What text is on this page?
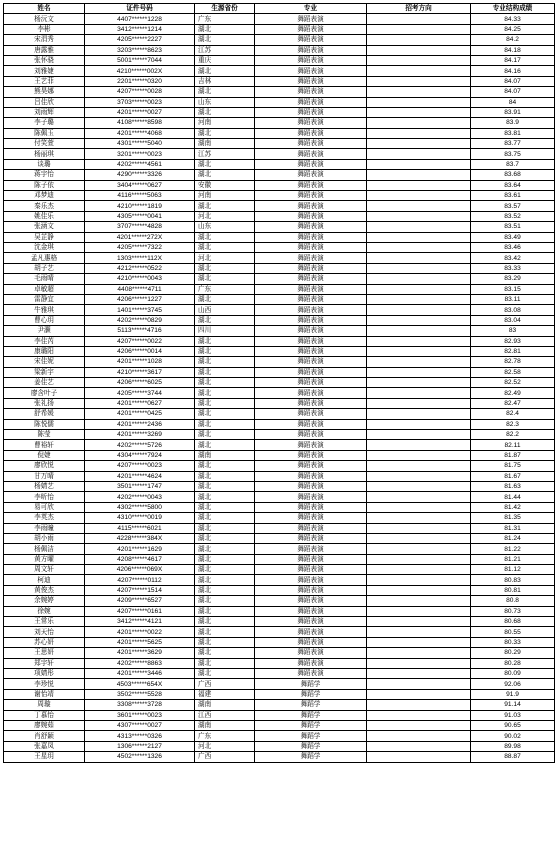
姓名	证件号码	生源省份	专业	招考方向	专业结构成绩
杨沅文	4407******1228	广东	舞蹈表演		84.33
李彬	3412******1214	湖北	舞蹈表演		84.25
宋涓秀	4205******2227	湖北	舞蹈表演		84.2
唐露雅	3203******8623	江苏	舞蹈表演		84.18
张怀骁	5001******7044	重庆	舞蹈表演		84.17
刘雅婕	4210******002X	湖北	舞蹈表演		84.16
王艺菲	2201******0320	吉林	舞蹈表演		84.07
熊昊娜	4207******0028	湖北	舞蹈表演		84.07
吕佳欣	3703******0023	山东	舞蹈表演		84
刘雨辉	4201******0027	湖北	舞蹈表演		83.91
李子璐	4108******8598	河南	舞蹈表演		83.9
陈佩玉	4201******4068	湖北	舞蹈表演		83.81
付笑萱	4301******5040	湖南	舞蹈表演		83.77
杨丽琪	3201******0023	江苏	舞蹈表演		83.75
谈璐	4202******4561	湖北	舞蹈表演		83.7
蒋宇怡	4290******3326	湖北	舞蹈表演		83.68
陈子依	3404******0627	安徽	舞蹈表演		83.64
邓梦迪	4116******5063	河南	舞蹈表演		83.61
秦乐杰	4210******1819	湖北	舞蹈表演		83.57
姚佳乐	4305******0041	河北	舞蹈表演		83.52
张涵文	3707******4828	山东	舞蹈表演		83.51
吴芷静	4201******272X	湖北	舞蹈表演		83.49
沈金琪	4205******7322	湖北	舞蹈表演		83.46
孟凡惠格	1303******112X	河北	舞蹈表演		83.42
胡子艺	4212******0522	湖北	舞蹈表演		83.33
毛雨晴	4210******0043	湖北	舞蹈表演		83.29
卓敏超	4408******4711	广东	舞蹈表演		83.15
雷静宜	4206******1227	湖北	舞蹈表演		83.11
牛雅琪	1401******3745	山西	舞蹈表演		83.08
曹心玥	4202******0829	湖北	舞蹈表演		83.04
尹灏	5113******4716	四川	舞蹈表演		83
李佳芮	4207******0022	湖北	舞蹈表演		82.93
康璐阳	4206******0014	湖北	舞蹈表演		82.81
宋佳妮	4201******1028	湖北	舞蹈表演		82.78
梁新宇	4210******3617	湖北	舞蹈表演		82.58
姜佳艺	4206******6025	湖北	舞蹈表演		82.52
廖含叶子	4205******3744	湖北	舞蹈表演		82.49
张礼扬	4201******0627	湖北	舞蹈表演		82.47
舒希媛	4201******0425	湖北	舞蹈表演		82.4
陈悦儒	4201******2436	湖北	舞蹈表演		82.3
陈莹	4201******3269	湖北	舞蹈表演		82.2
曹裕轩	4202******5726	湖北	舞蹈表演		82.11
倪婕	4304******7924	湖南	舞蹈表演		81.87
廖欣悦	4207******0023	湖北	舞蹈表演		81.75
甘万晴	4201******4624	湖北	舞蹈表演		81.67
杨婧艺	3501******1747	湖北	舞蹈表演		81.63
李昕怡	4202******0043	湖北	舞蹈表演		81.44
易可欣	4302******5800	湖北	舞蹈表演		81.42
李英杰	4310******0019	湖北	舞蹈表演		81.35
李雨瞳	4115******6021	湖北	舞蹈表演		81.31
胡小雨	4228******384X	湖北	舞蹈表演		81.24
杨佩洁	4201******1629	湖北	舞蹈表演		81.22
黄方曜	4208******4617	湖北	舞蹈表演		81.21
周文轩	4206******069X	湖北	舞蹈表演		81.12
柯迪	4207******0112	湖北	舞蹈表演		80.83
黄俊杰	4207******1514	湖北	舞蹈表演		80.81
余婉婷	4209******6527	湖北	舞蹈表演		80.8
徐婉	4207******0161	湖北	舞蹈表演		80.73
王常乐	3412******4121	湖北	舞蹈表演		80.68
刘天怡	4201******0022	湖北	舞蹈表演		80.55
苏心妍	4201******5625	湖北	舞蹈表演		80.33
王思妍	4201******3629	湖北	舞蹈表演		80.29
郑宇轩	4202******8863	湖北	舞蹈表演		80.28
项婧彤	4201******3446	湖北	舞蹈表演		80.09
李珍悦	4503******654X	广西	舞蹈学		92.06
谢怡靖	3502******5528	福建	舞蹈学		91.9
周璇	3308******3728	湖南	舞蹈学		91.14
丁慕怡	3601******0023	江西	舞蹈学		91.03
廖婉茹	4307******0027	湖南	舞蹈学		90.65
肖舒颖	4313******0326	广东	舞蹈学		90.02
张嘉凤	1306******2127	河北	舞蹈学		89.98
王星玥	4502******1326	广西	舞蹈学		88.87
